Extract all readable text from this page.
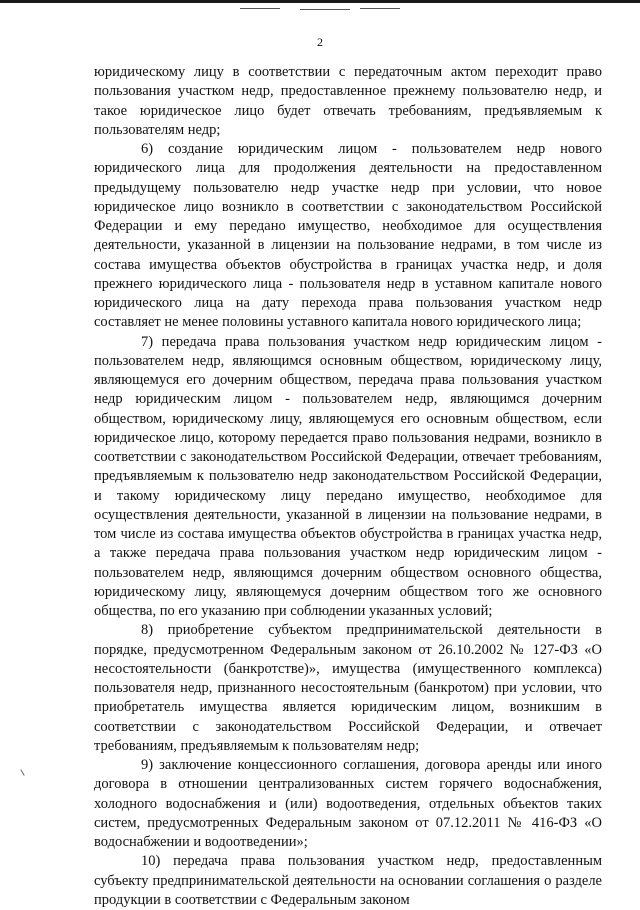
2

юридическому лицу в соответствии с передаточным актом переходит право пользования участком недр, предоставленное прежнему пользователю недр, и такое юридическое лицо будет отвечать требованиям, предъявляемым к пользователям недр;

6) создание юридическим лицом - пользователем недр нового юридического лица для продолжения деятельности на предоставленном предыдущему пользователю недр участке недр при условии, что новое юридическое лицо возникло в соответствии с законодательством Российской Федерации и ему передано имущество, необходимое для осуществления деятельности, указанной в лицензии на пользование недрами, в том числе из состава имущества объектов обустройства в границах участка недр, и доля прежнего юридического лица - пользователя недр в уставном капитале нового юридического лица на дату перехода права пользования участком недр составляет не менее половины уставного капитала нового юридического лица;

7) передача права пользования участком недр юридическим лицом - пользователем недр, являющимся основным обществом, юридическому лицу, являющемуся его дочерним обществом, передача права пользования участком недр юридическим лицом - пользователем недр, являющимся дочерним обществом, юридическому лицу, являющемуся его основным обществом, если юридическое лицо, которому передается право пользования недрами, возникло в соответствии с законодательством Российской Федерации, отвечает требованиям, предъявляемым к пользователю недр законодательством Российской Федерации, и такому юридическому лицу передано имущество, необходимое для осуществления деятельности, указанной в лицензии на пользование недрами, в том числе из состава имущества объектов обустройства в границах участка недр, а также передача права пользования участком недр юридическим лицом - пользователем недр, являющимся дочерним обществом основного общества, юридическому лицу, являющемуся дочерним обществом того же основного общества, по его указанию при соблюдении указанных условий;

8) приобретение субъектом предпринимательской деятельности в порядке, предусмотренном Федеральным законом от 26.10.2002 № 127-ФЗ «О несостоятельности (банкротстве)», имущества (имущественного комплекса) пользователя недр, признанного несостоятельным (банкротом) при условии, что приобретатель имущества является юридическим лицом, возникшим в соответствии с законодательством Российской Федерации, и отвечает требованиям, предъявляемым к пользователям недр;

9) заключение концессионного соглашения, договора аренды или иного договора в отношении централизованных систем горячего водоснабжения, холодного водоснабжения и (или) водоотведения, отдельных объектов таких систем, предусмотренных Федеральным законом от 07.12.2011 № 416-ФЗ «О водоснабжении и водоотведении»;

10) передача права пользования участком недр, предоставленным субъекту предпринимательской деятельности на основании соглашения о разделе продукции в соответствии с Федеральным законом
